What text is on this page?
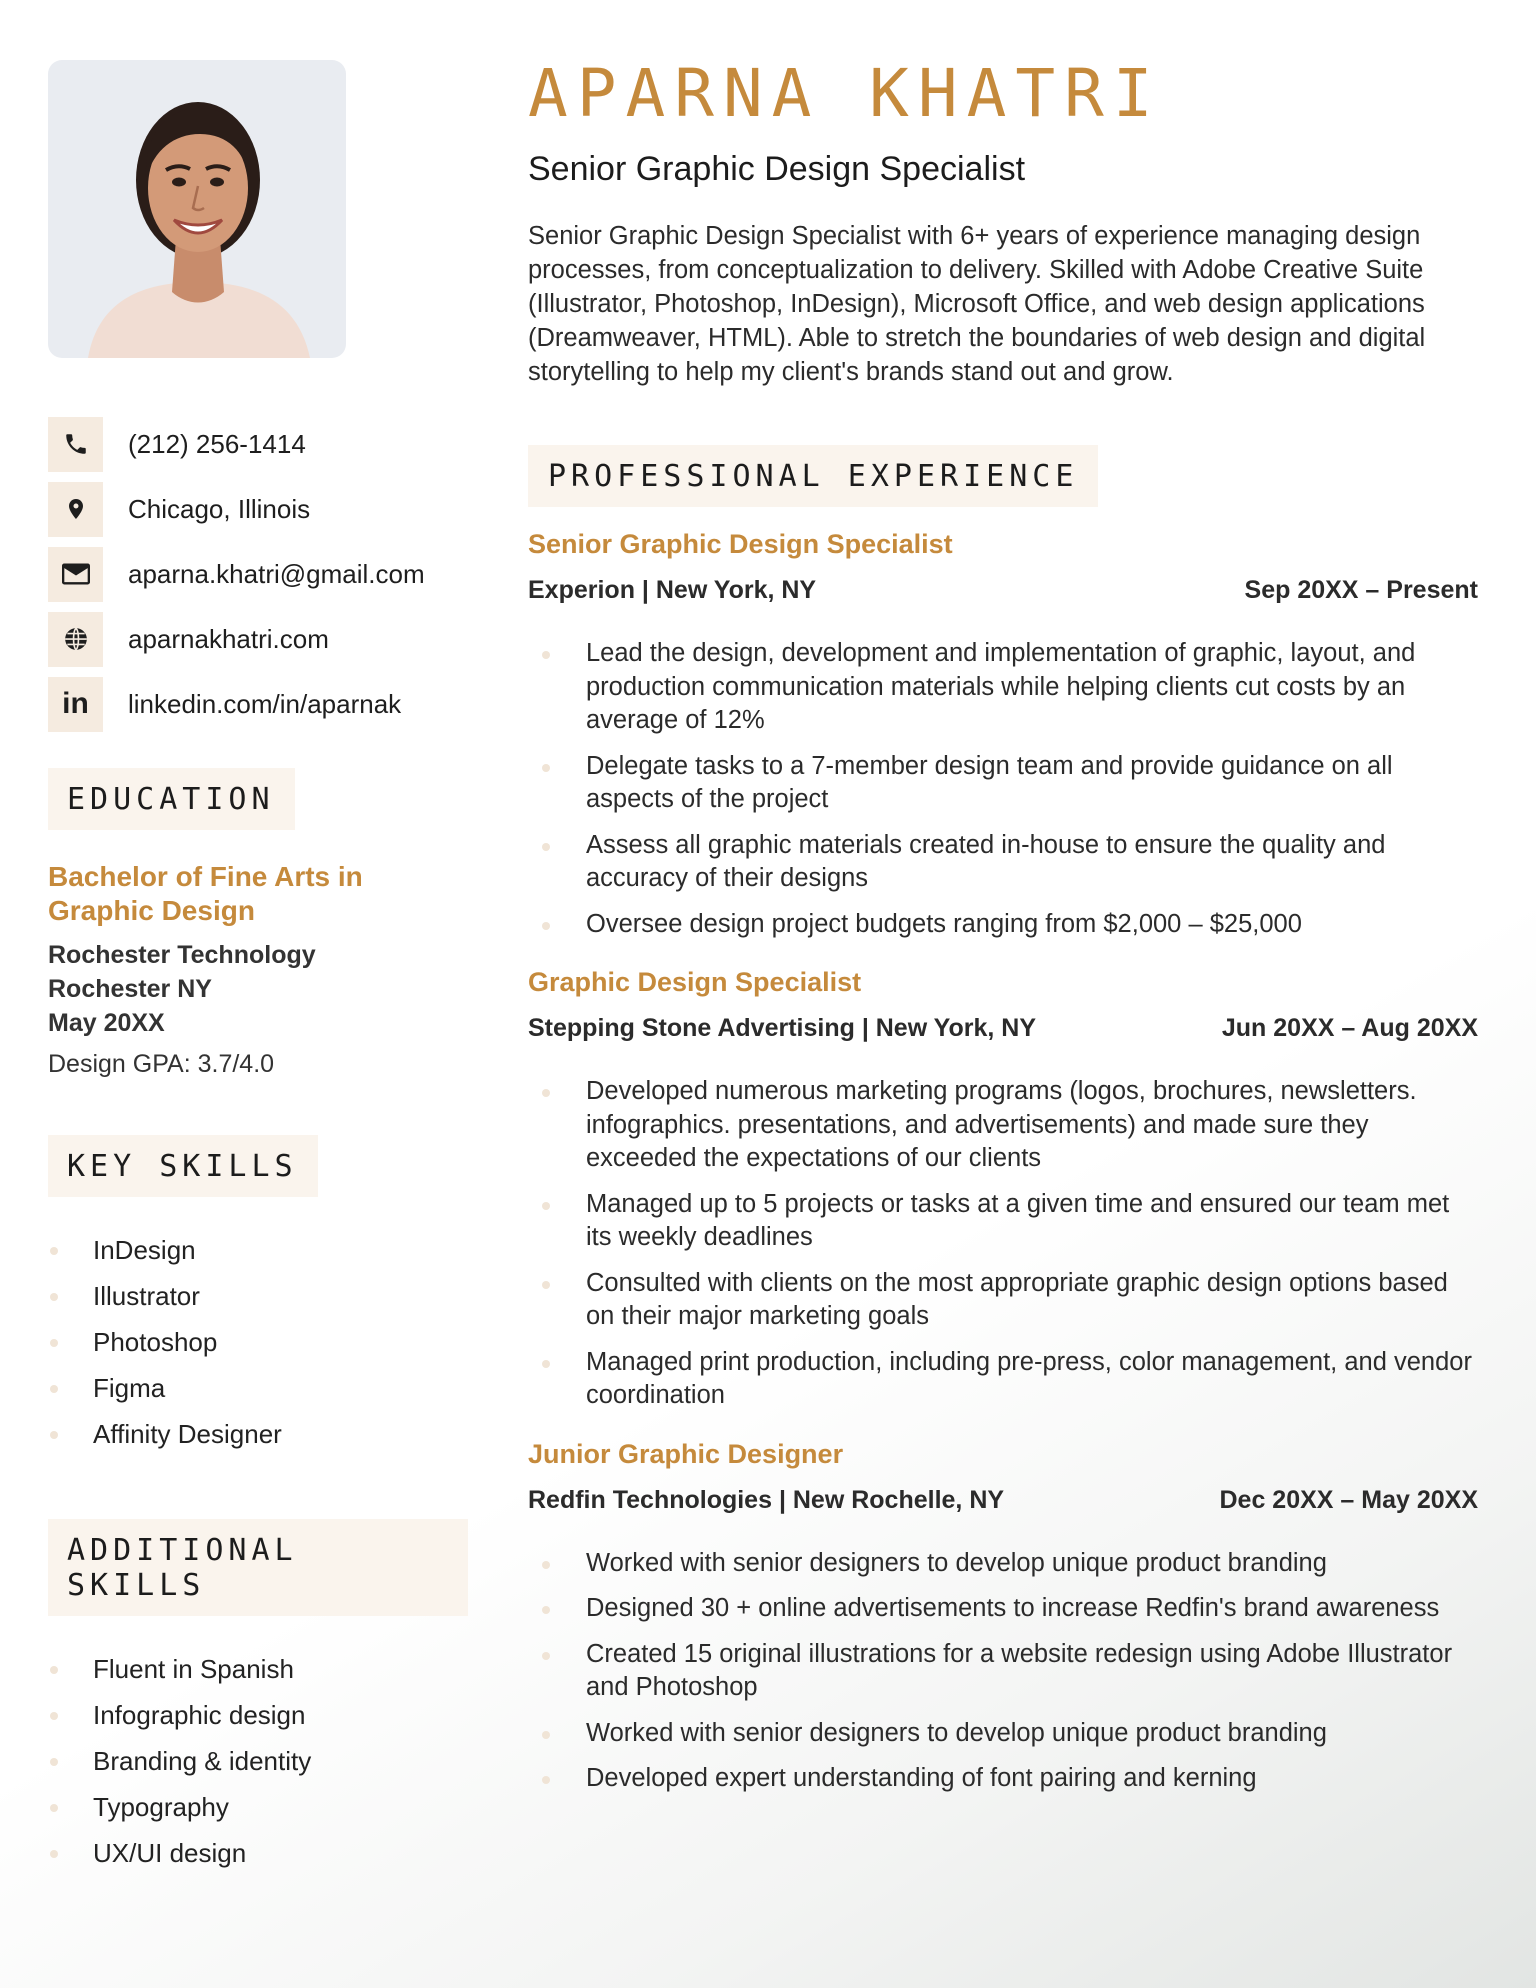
(212) 256-1414
Chicago, Illinois
aparna.khatri@gmail.com
aparnakhatri.com
in linkedin.com/in/aparnak
EDUCATION
Bachelor of Fine Arts in Graphic Design
Rochester Technology
Rochester NY
May 20XX
Design GPA: 3.7/4.0
KEY SKILLS
InDesign
Illustrator
Photoshop
Figma
Affinity Designer
ADDITIONAL SKILLS
Fluent in Spanish
Infographic design
Branding & identity
Typography
UX/UI design
APARNA KHATRI
Senior Graphic Design Specialist
Senior Graphic Design Specialist with 6+ years of experience managing design processes, from conceptualization to delivery. Skilled with Adobe Creative Suite (Illustrator, Photoshop, InDesign), Microsoft Office, and web design applications (Dreamweaver, HTML). Able to stretch the boundaries of web design and digital storytelling to help my client's brands stand out and grow.
PROFESSIONAL EXPERIENCE
Senior Graphic Design Specialist
Experion | New York, NY	Sep 20XX – Present
Lead the design, development and implementation of graphic, layout, and production communication materials while helping clients cut costs by an average of 12%
Delegate tasks to a 7-member design team and provide guidance on all aspects of the project
Assess all graphic materials created in-house to ensure the quality and accuracy of their designs
Oversee design project budgets ranging from $2,000 – $25,000
Graphic Design Specialist
Stepping Stone Advertising | New York, NY	Jun 20XX – Aug 20XX
Developed numerous marketing programs (logos, brochures, newsletters. infographics. presentations, and advertisements) and made sure they exceeded the expectations of our clients
Managed up to 5 projects or tasks at a given time and ensured our team met its weekly deadlines
Consulted with clients on the most appropriate graphic design options based on their major marketing goals
Managed print production, including pre-press, color management, and vendor coordination
Junior Graphic Designer
Redfin Technologies | New Rochelle, NY	Dec 20XX – May 20XX
Worked with senior designers to develop unique product branding
Designed 30 + online advertisements to increase Redfin's brand awareness
Created 15 original illustrations for a website redesign using Adobe Illustrator and Photoshop
Worked with senior designers to develop unique product branding
Developed expert understanding of font pairing and kerning
